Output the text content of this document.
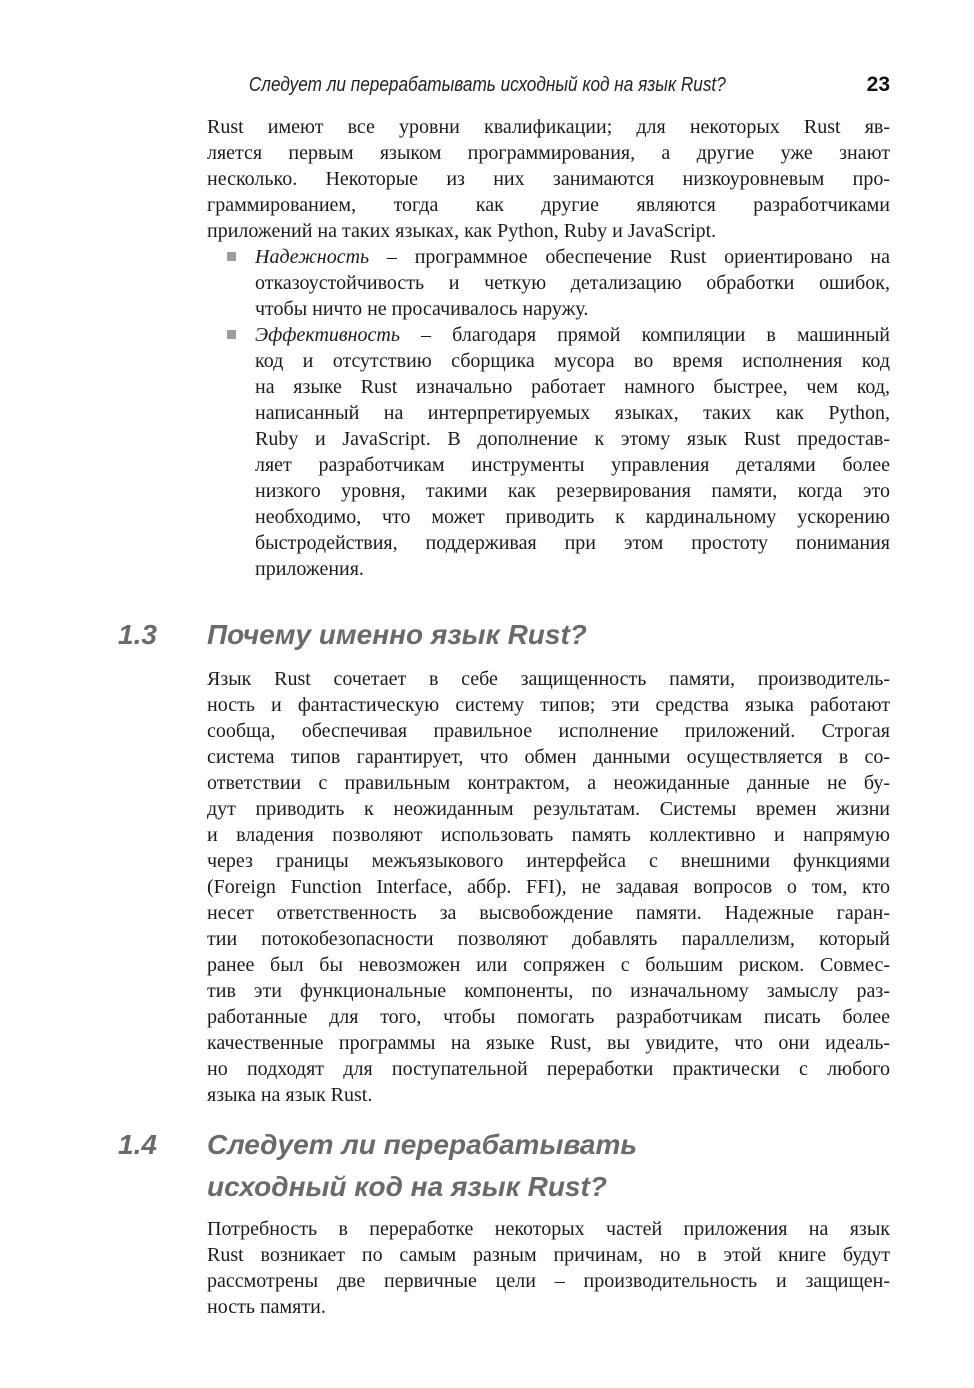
Следует ли перерабатывать исходный код на язык Rust?	23
Rust имеют все уровни квалификации; для некоторых Rust яв-
ляется первым языком программирования, а другие уже знают
несколько. Некоторые из них занимаются низкоуровневым про-
граммированием, тогда как другие являются разработчиками
приложений на таких языках, как Python, Ruby и JavaScript.
Надежность – программное обеспечение Rust ориентировано на
отказоустойчивость и четкую детализацию обработки ошибок,
чтобы ничто не просачивалось наружу.
Эффективность – благодаря прямой компиляции в машинный
код и отсутствию сборщика мусора во время исполнения код
на языке Rust изначально работает намного быстрее, чем код,
написанный на интерпретируемых языках, таких как Python,
Ruby и JavaScript. В дополнение к этому язык Rust предостав-
ляет разработчикам инструменты управления деталями более
низкого уровня, такими как резервирования памяти, когда это
необходимо, что может приводить к кардинальному ускорению
быстродействия, поддерживая при этом простоту понимания
приложения.
1.3 Почему именно язык Rust?
Язык Rust сочетает в себе защищенность памяти, производитель-
ность и фантастическую систему типов; эти средства языка работают
сообща, обеспечивая правильное исполнение приложений. Строгая
система типов гарантирует, что обмен данными осуществляется в со-
ответствии с правильным контрактом, а неожиданные данные не бу-
дут приводить к неожиданным результатам. Системы времен жизни
и владения позволяют использовать память коллективно и напрямую
через границы межъязыкового интерфейса с внешними функциями
(Foreign Function Interface, аббр. FFI), не задавая вопросов о том, кто
несет ответственность за высвобождение памяти. Надежные гаран-
тии потокобезопасности позволяют добавлять параллелизм, который
ранее был бы невозможен или сопряжен с большим риском. Совмес-
тив эти функциональные компоненты, по изначальному замыслу раз-
работанные для того, чтобы помогать разработчикам писать более
качественные программы на языке Rust, вы увидите, что они идеаль-
но подходят для поступательной переработки практически с любого
языка на язык Rust.
1.4 Следует ли перерабатывать
исходный код на язык Rust?
Потребность в переработке некоторых частей приложения на язык
Rust возникает по самым разным причинам, но в этой книге будут
рассмотрены две первичные цели – производительность и защищен-
ность памяти.
